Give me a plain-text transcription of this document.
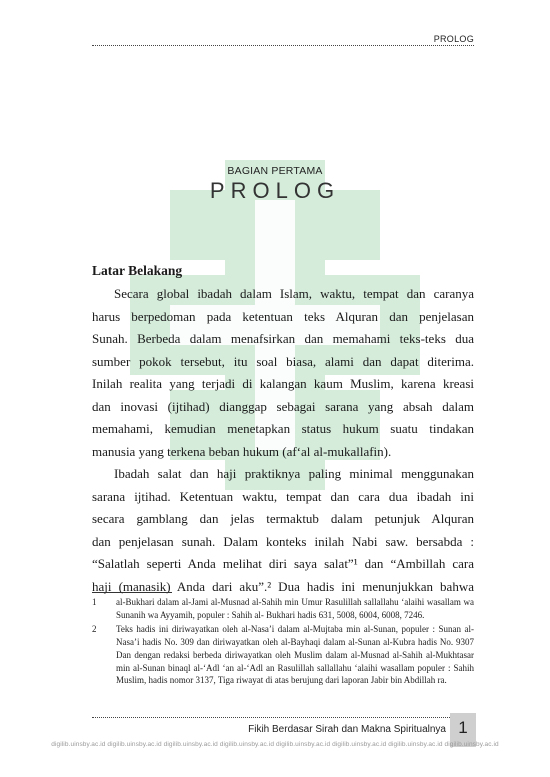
PROLOG
BAGIAN PERTAMA
PROLOG
Latar Belakang

Secara global ibadah dalam Islam, waktu, tempat dan caranya
harus berpedoman pada ketentuan teks Alquran dan penjelasan
Sunah. Berbeda dalam menafsirkan dan memahami teks-teks dua
sumber pokok tersebut, itu soal biasa, alami dan dapat diterima.
Inilah realita yang terjadi di kalangan kaum Muslim, karena kreasi
dan inovasi (ijtihad) dianggap sebagai sarana yang absah dalam
memahami, kemudian menetapkan status hukum suatu tindakan
manusia yang terkena beban hukum (af‘al al-mukallafin).

Ibadah salat dan haji praktiknya paling minimal menggunakan
sarana ijtihad. Ketentuan waktu, tempat dan cara dua ibadah ini
secara gamblang dan jelas termaktub dalam petunjuk Alquran
dan penjelasan sunah. Dalam konteks inilah Nabi saw. bersabda :
“Salatlah seperti Anda melihat diri saya salat”¹ dan “Ambillah cara
haji (manasik) Anda dari aku”.² Dua hadis ini menunjukkan bahwa

1	al-Bukhari dalam al-Jami al-Musnad al-Sahih min Umur Rasulillah sallallahu ‘alaihi wasallam wa Sunanih wa Ayyamih, populer : Sahih al- Bukhari hadis 631, 5008, 6004, 6008, 7246.
2	Teks hadis ini diriwayatkan oleh al-Nasa’i dalam al-Mujtaba min al-Sunan, populer : Sunan al-Nasa’i hadis No. 309 dan diriwayatkan oleh al-Bayhaqi dalam al-Sunan al-Kubra hadis No. 9307 Dan dengan redaksi berbeda diriwayatkan oleh Muslim dalam al-Musnad al-Sahih al-Mukhtasar min al-Sunan binaql al-‘Adl ‘an al-‘Adl an Rasulillah sallallahu ‘alaihi wasallam populer : Sahih Muslim, hadis nomor 3137, Tiga riwayat di atas berujung dari laporan Jabir bin Abdillah ra.
Fikih Berdasar Sirah dan Makna Spiritualnya 1
digilib.uinsby.ac.id digilib.uinsby.ac.id digilib.uinsby.ac.id digilib.uinsby.ac.id digilib.uinsby.ac.id digilib.uinsby.ac.id digilib.uinsby.ac.id digilib.uinsby.ac.id
